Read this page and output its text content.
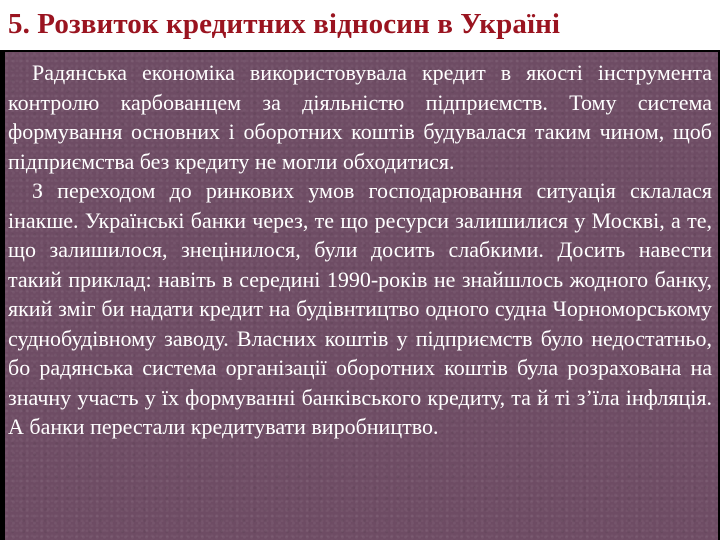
5. Розвиток кредитних відносин в Україні

Радянська економіка використовувала кредит в якості інструмента контролю карбованцем за діяльністю підприємств. Тому система формування основних і оборотних коштів будувалася таким чином, щоб підприємства без кредиту не могли обходитися.

З переходом до ринкових умов господарювання ситуація склалася інакше. Українські банки через, те що ресурси залишилися у Москві, а те, що залишилося, знецінилося, були досить слабкими. Досить навести такий приклад: навіть в середині 1990-років не знайшлось жодного банку, який зміг би надати кредит на будівнтицтво одного судна Чорноморському суднобудівному заводу. Власних коштів у підприємств було недостатньо, бо радянська система організації оборотних коштів була розрахована на значну участь у їх формуванні банківського кредиту, та й ті з’їла інфляція. А банки перестали кредитувати виробництво.
